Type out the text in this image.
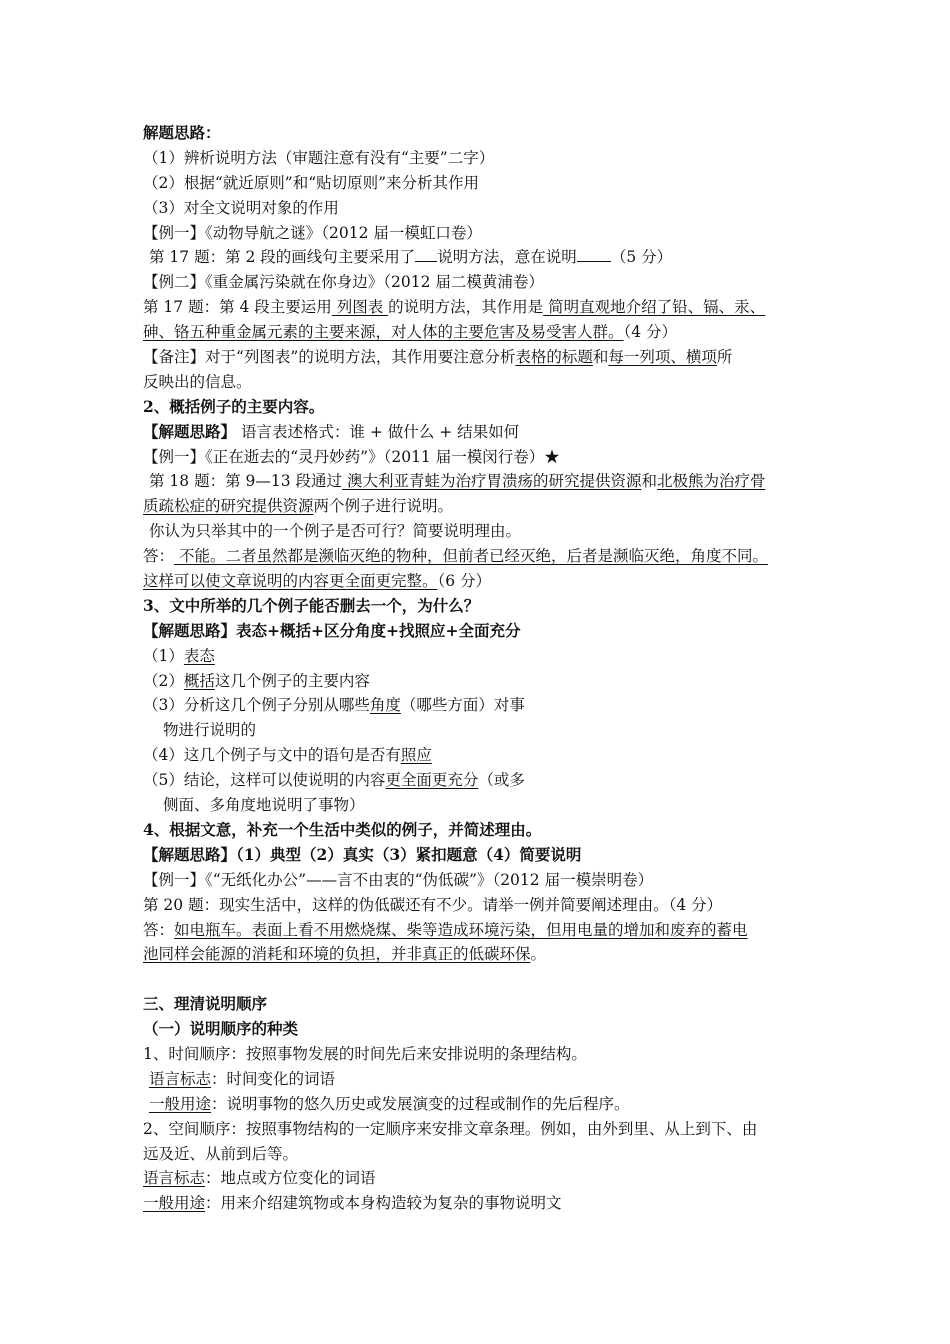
解题思路：
（1）辨析说明方法（审题注意有没有“主要”二字）
（2）根据“就近原则”和“贴切原则”来分析其作用
（3）对全文说明对象的作用
【例一】《动物导航之谜》（2012 届一模虹口卷）
第 17 题：第 2 段的画线句主要采用了 说明方法，意在说明 （5 分）
【例二】《重金属污染就在你身边》（2012 届二模黄浦卷）
第 17 题：第 4 段主要运用 列图表 的说明方法，其作用是 简明直观地介绍了铅、镉、汞、
砷、铬五种重金属元素的主要来源，对人体的主要危害及易受害人群。（4 分）
【备注】对于“列图表”的说明方法，其作用要注意分析表格的标题和每一列项、横项所
反映出的信息。
2、概括例子的主要内容。
【解题思路】 语言表述格式：谁 + 做什么 + 结果如何
【例一】《正在逝去的“灵丹妙药”》（2011 届一模闵行卷）★
第 18 题：第 9—13 段通过 澳大利亚青蛙为治疗胃溃疡的研究提供资源和北极熊为治疗骨
质疏松症的研究提供资源两个例子进行说明。
你认为只举其中的一个例子是否可行？简要说明理由。
答： 不能。二者虽然都是濒临灭绝的物种，但前者已经灭绝，后者是濒临灭绝，角度不同。
这样可以使文章说明的内容更全面更完整。（6 分）
3、文中所举的几个例子能否删去一个，为什么？
【解题思路】表态+概括+区分角度+找照应+全面充分
（1）表态
（2）概括这几个例子的主要内容
（3）分析这几个例子分别从哪些角度（哪些方面）对事
物进行说明的
（4）这几个例子与文中的语句是否有照应
（5）结论，这样可以使说明的内容更全面更充分（或多
侧面、多角度地说明了事物）
4、根据文意，补充一个生活中类似的例子，并简述理由。
【解题思路】（1）典型（2）真实（3）紧扣题意（4）简要说明
【例一】《“无纸化办公”——言不由衷的“伪低碳”》（2012 届一模崇明卷）
第 20 题：现实生活中，这样的伪低碳还有不少。请举一例并简要阐述理由。（4 分）
答：如电瓶车。表面上看不用燃烧煤、柴等造成环境污染，但用电量的增加和废弃的蓄电
池同样会能源的消耗和环境的负担，并非真正的低碳环保。
三、理清说明顺序
（一）说明顺序的种类
1、时间顺序：按照事物发展的时间先后来安排说明的条理结构。
语言标志：时间变化的词语
一般用途：说明事物的悠久历史或发展演变的过程或制作的先后程序。
2、空间顺序：按照事物结构的一定顺序来安排文章条理。例如，由外到里、从上到下、由
远及近、从前到后等。
语言标志：地点或方位变化的词语
一般用途：用来介绍建筑物或本身构造较为复杂的事物说明文
